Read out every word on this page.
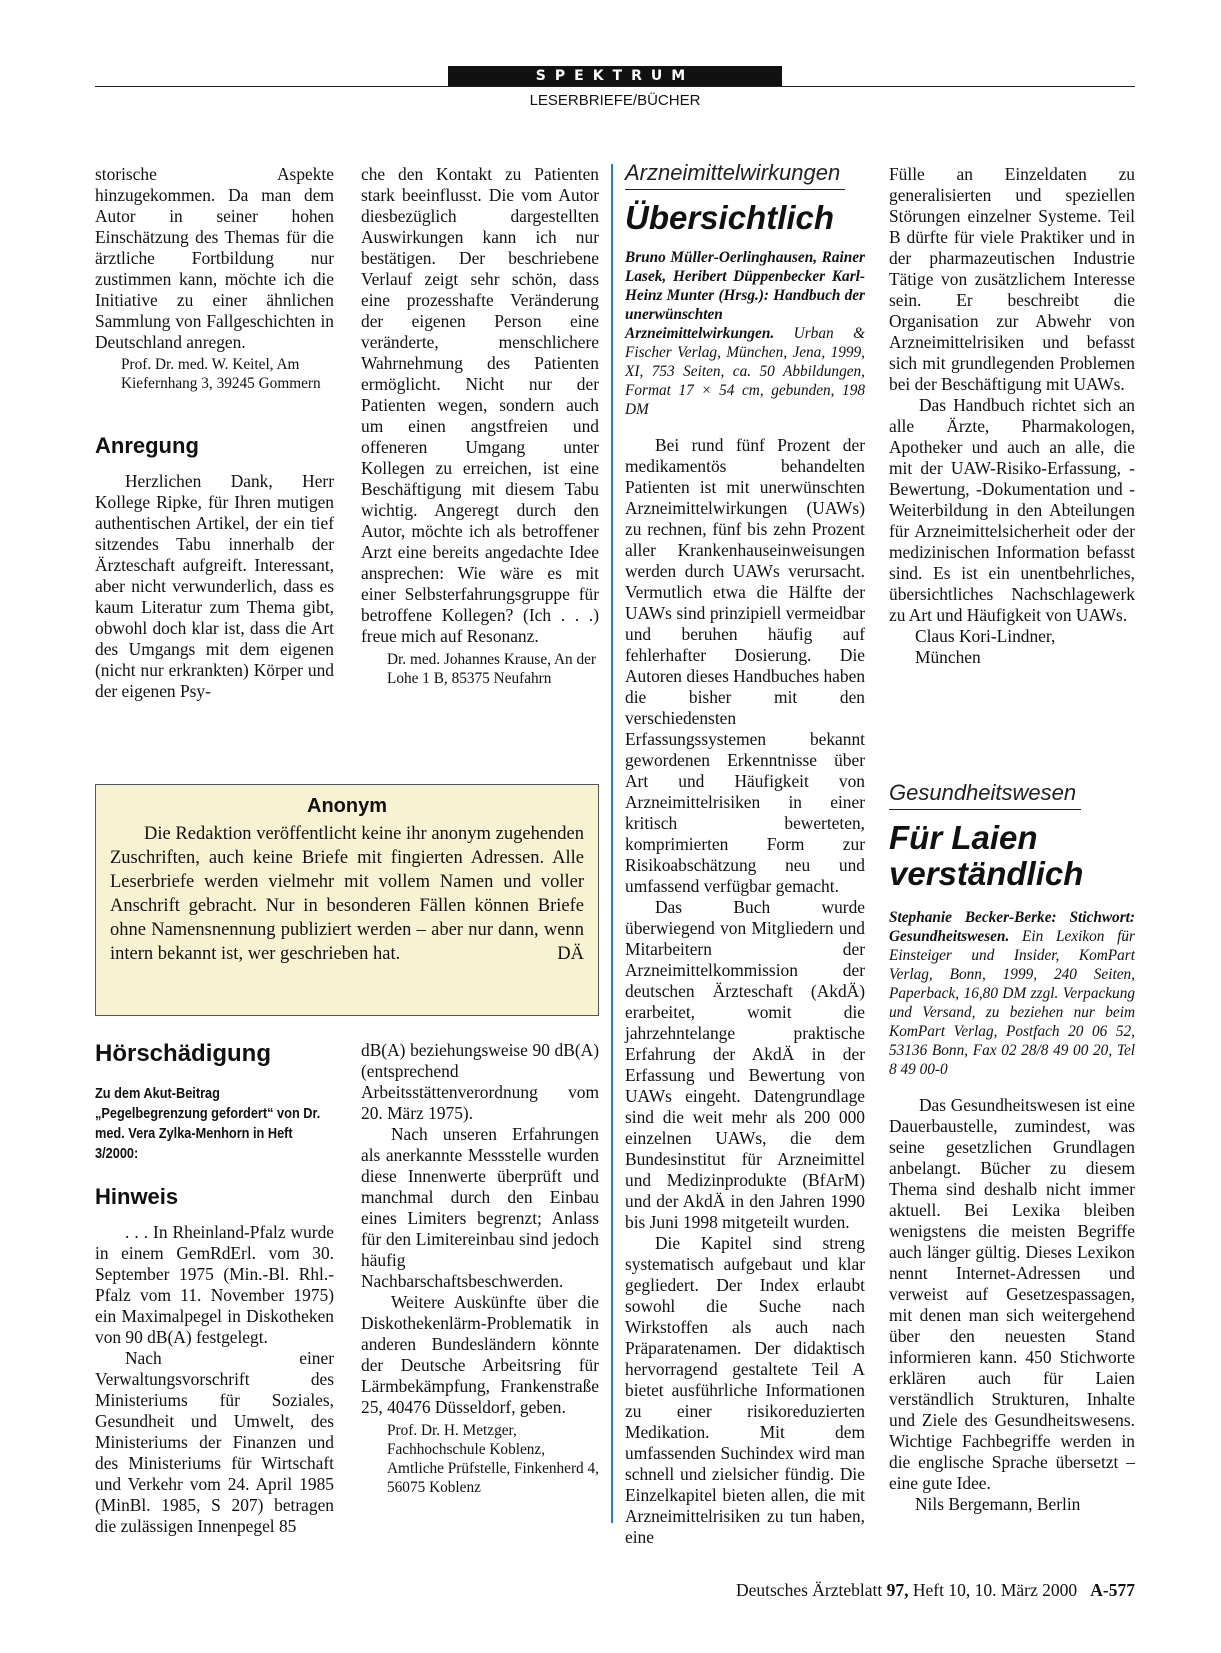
SPEKTRUM
LESERBRIEFE/BÜCHER

storische Aspekte hinzugekommen. Da man dem Autor in seiner hohen Einschätzung des Themas für die ärztliche Fortbildung nur zustimmen kann, möchte ich die Initiative zu einer ähnlichen Sammlung von Fallgeschichten in Deutschland anregen.

Prof. Dr. med. W. Keitel, Am Kiefernhang 3, 39245 Gommern

Anregung

Herzlichen Dank, Herr Kollege Ripke, für Ihren mutigen authentischen Artikel, der ein tief sitzendes Tabu innerhalb der Ärzteschaft aufgreift. Interessant, aber nicht verwunderlich, dass es kaum Literatur zum Thema gibt, obwohl doch klar ist, dass die Art des Umgangs mit dem eigenen (nicht nur erkrankten) Körper und der eigenen Psy-

che den Kontakt zu Patienten stark beeinflusst. Die vom Autor diesbezüglich dargestellten Auswirkungen kann ich nur bestätigen. Der beschriebene Verlauf zeigt sehr schön, dass eine prozesshafte Veränderung der eigenen Person eine veränderte, menschlichere Wahrnehmung des Patienten ermöglicht. Nicht nur der Patienten wegen, sondern auch um einen angstfreien und offeneren Umgang unter Kollegen zu erreichen, ist eine Beschäftigung mit diesem Tabu wichtig. Angeregt durch den Autor, möchte ich als betroffener Arzt eine bereits angedachte Idee ansprechen: Wie wäre es mit einer Selbsterfahrungsgruppe für betroffene Kollegen? (Ich . . .) freue mich auf Resonanz.

Dr. med. Johannes Krause, An der Lohe 1 B, 85375 Neufahrn

Anonym

Die Redaktion veröffentlicht keine ihr anonym zugehenden Zuschriften, auch keine Briefe mit fingierten Adressen. Alle Leserbriefe werden vielmehr mit vollem Namen und voller Anschrift gebracht. Nur in besonderen Fällen können Briefe ohne Namensnennung publiziert werden – aber nur dann, wenn intern bekannt ist, wer geschrieben hat.	DÄ

Hörschädigung

Zu dem Akut-Beitrag „Pegelbegrenzung gefordert“ von Dr. med. Vera Zylka-Menhorn in Heft 3/2000:

Hinweis

. . . In Rheinland-Pfalz wurde in einem GemRdErl. vom 30. September 1975 (Min.-Bl. Rhl.-Pfalz vom 11. November 1975) ein Maximalpegel in Diskotheken von 90 dB(A) festgelegt.

Nach einer Verwaltungsvorschrift des Ministeriums für Soziales, Gesundheit und Umwelt, des Ministeriums der Finanzen und des Ministeriums für Wirtschaft und Verkehr vom 24. April 1985 (MinBl. 1985, S 207) betragen die zulässigen Innenpegel 85

dB(A) beziehungsweise 90 dB(A) (entsprechend Arbeitsstättenverordnung vom 20. März 1975).

Nach unseren Erfahrungen als anerkannte Messstelle wurden diese Innenwerte überprüft und manchmal durch den Einbau eines Limiters begrenzt; Anlass für den Limitereinbau sind jedoch häufig Nachbarschaftsbeschwerden.

Weitere Auskünfte über die Diskothekenlärm-Problematik in anderen Bundesländern könnte der Deutsche Arbeitsring für Lärmbekämpfung, Frankenstraße 25, 40476 Düsseldorf, geben.

Prof. Dr. H. Metzger, Fachhochschule Koblenz, Amtliche Prüfstelle, Finkenherd 4, 56075 Koblenz

Arzneimittelwirkungen
Übersichtlich

Bruno Müller-Oerlinghausen, Rainer Lasek, Heribert Düppenbecker Karl-Heinz Munter (Hrsg.): Handbuch der unerwünschten Arzneimittelwirkungen. Urban & Fischer Verlag, München, Jena, 1999, XI, 753 Seiten, ca. 50 Abbildungen, Format 17 × 54 cm, gebunden, 198 DM

Bei rund fünf Prozent der medikamentös behandelten Patienten ist mit unerwünschten Arzneimittelwirkungen (UAWs) zu rechnen, fünf bis zehn Prozent aller Krankenhauseinweisungen werden durch UAWs verursacht. Vermutlich etwa die Hälfte der UAWs sind prinzipiell vermeidbar und beruhen häufig auf fehlerhafter Dosierung. Die Autoren dieses Handbuches haben die bisher mit den verschiedensten Erfassungssystemen bekannt gewordenen Erkenntnisse über Art und Häufigkeit von Arzneimittelrisiken in einer kritisch bewerteten, komprimierten Form zur Risikoabschätzung neu und umfassend verfügbar gemacht.

Das Buch wurde überwiegend von Mitgliedern und Mitarbeitern der Arzneimittelkommission der deutschen Ärzteschaft (AkdÄ) erarbeitet, womit die jahrzehntelange praktische Erfahrung der AkdÄ in der Erfassung und Bewertung von UAWs eingeht. Datengrundlage sind die weit mehr als 200 000 einzelnen UAWs, die dem Bundesinstitut für Arzneimittel und Medizinprodukte (BfArM) und der AkdÄ in den Jahren 1990 bis Juni 1998 mitgeteilt wurden.

Die Kapitel sind streng systematisch aufgebaut und klar gegliedert. Der Index erlaubt sowohl die Suche nach Wirkstoffen als auch nach Präparatenamen. Der didaktisch hervorragend gestaltete Teil A bietet ausführliche Informationen zu einer risikoreduzierten Medikation. Mit dem umfassenden Suchindex wird man schnell und zielsicher fündig. Die Einzelkapitel bieten allen, die mit Arzneimittelrisiken zu tun haben, eine

Fülle an Einzeldaten zu generalisierten und speziellen Störungen einzelner Systeme. Teil B dürfte für viele Praktiker und in der pharmazeutischen Industrie Tätige von zusätzlichem Interesse sein. Er beschreibt die Organisation zur Abwehr von Arzneimittelrisiken und befasst sich mit grundlegenden Problemen bei der Beschäftigung mit UAWs.

Das Handbuch richtet sich an alle Ärzte, Pharmakologen, Apotheker und auch an alle, die mit der UAW-Risiko-Erfassung, -Bewertung, -Dokumentation und -Weiterbildung in den Abteilungen für Arzneimittelsicherheit oder der medizinischen Information befasst sind. Es ist ein unentbehrliches, übersichtliches Nachschlagewerk zu Art und Häufigkeit von UAWs.

Claus Kori-Lindner,

München

Gesundheitswesen
Für Laien
verständlich

Stephanie Becker-Berke: Stichwort: Gesundheitswesen. Ein Lexikon für Einsteiger und Insider, KomPart Verlag, Bonn, 1999, 240 Seiten, Paperback, 16,80 DM zzgl. Verpackung und Versand, zu beziehen nur beim KomPart Verlag, Postfach 20 06 52, 53136 Bonn, Fax 02 28/8 49 00 20, Tel 8 49 00-0

Das Gesundheitswesen ist eine Dauerbaustelle, zumindest, was seine gesetzlichen Grundlagen anbelangt. Bücher zu diesem Thema sind deshalb nicht immer aktuell. Bei Lexika bleiben wenigstens die meisten Begriffe auch länger gültig. Dieses Lexikon nennt Internet-Adressen und verweist auf Gesetzespassagen, mit denen man sich weitergehend über den neuesten Stand informieren kann. 450 Stichworte erklären auch für Laien verständlich Strukturen, Inhalte und Ziele des Gesundheitswesens. Wichtige Fachbegriffe werden in die englische Sprache übersetzt – eine gute Idee.

Nils Bergemann, Berlin

Deutsches Ärzteblatt 97, Heft 10, 10. März 2000 A-577
